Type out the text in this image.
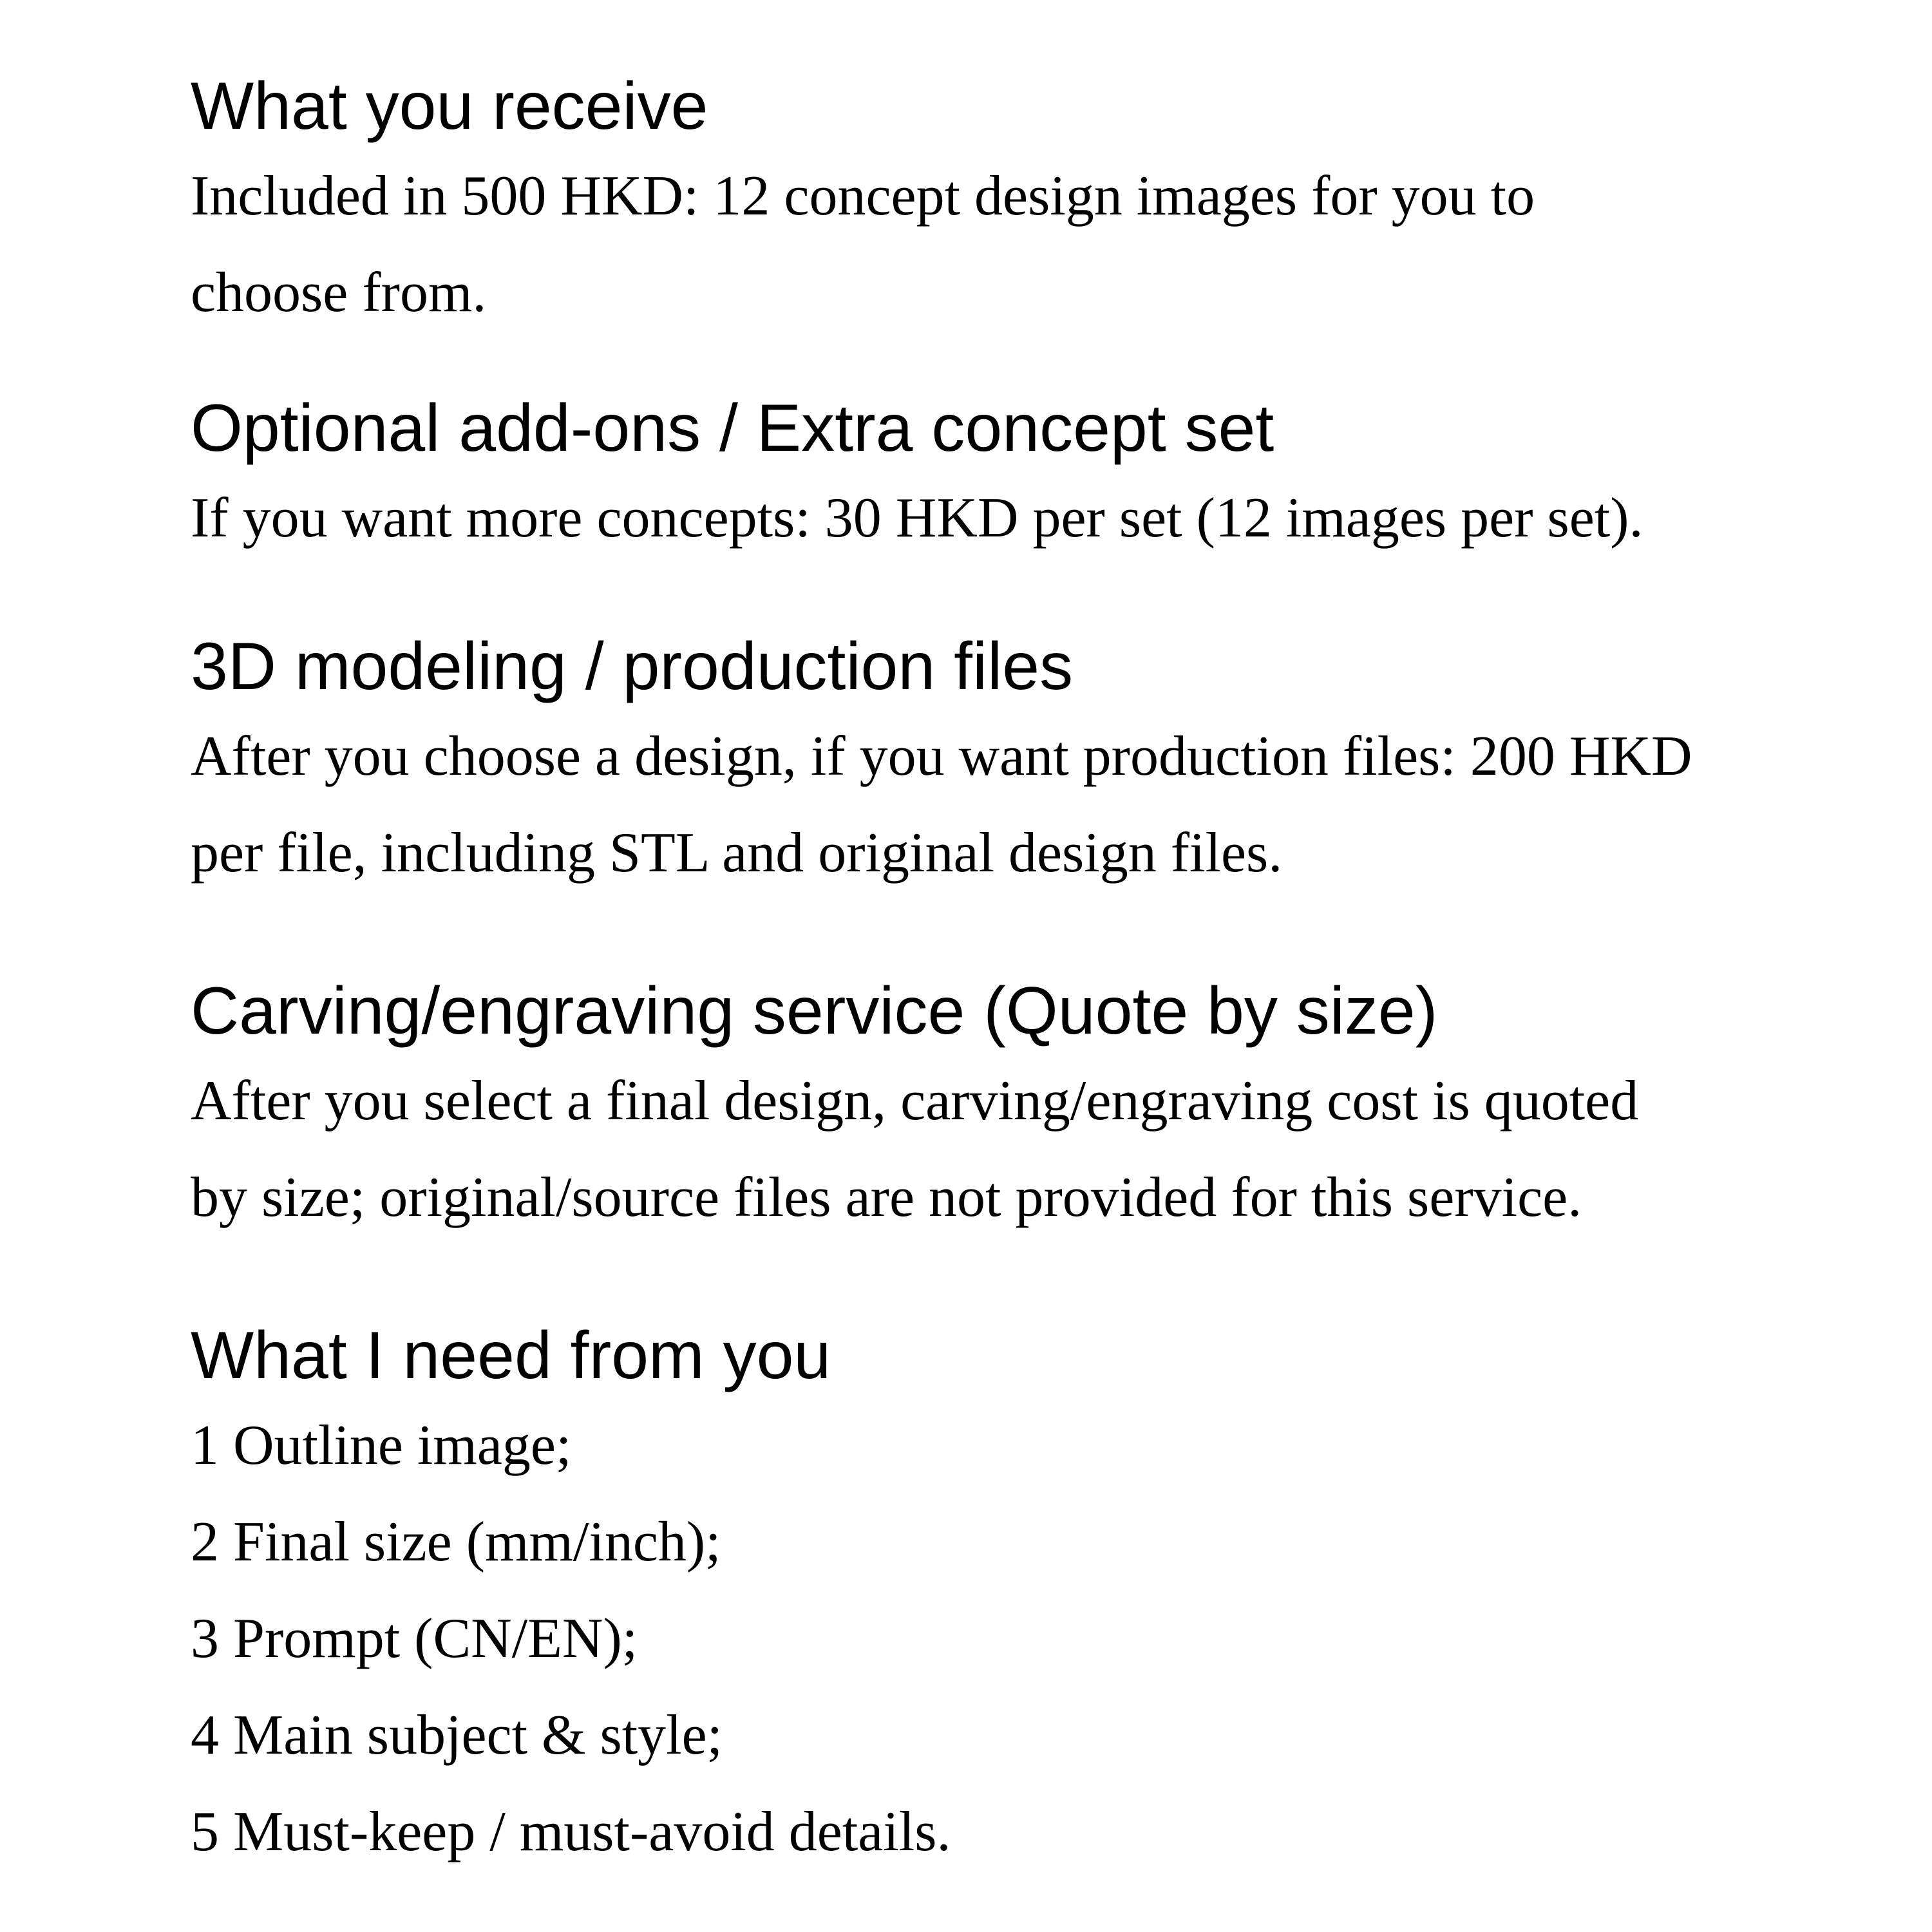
What you receive

Included in 500 HKD: 12 concept design images for you to
choose from.

Optional add-ons / Extra concept set

If you want more concepts: 30 HKD per set (12 images per set).

3D modeling / production files

After you choose a design, if you want production files: 200 HKD
per file, including STL and original design files.

Carving/engraving service (Quote by size)

After you select a final design, carving/engraving cost is quoted
by size; original/source files are not provided for this service.

What I need from you
1 Outline image;
2 Final size (mm/inch);
3 Prompt (CN/EN);
4 Main subject & style;
5 Must-keep / must-avoid details.
